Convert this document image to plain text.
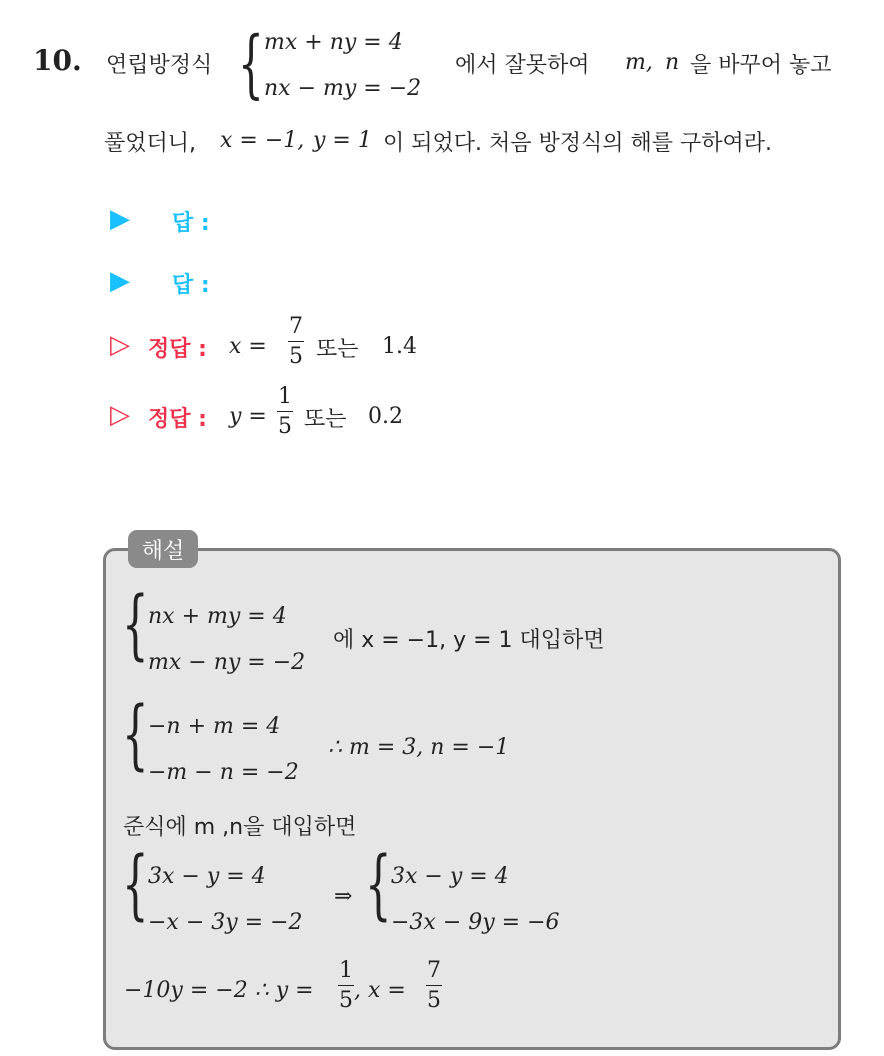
10. 연립방정식 { mx + ny = 4
nx − my = −2
에서 잘못하여 m, n 을 바꾸어 놓고
풀었더니, x = −1, y = 1 이 되었다. 처음 방정식의 해를 구하여라.
▶ 답 :
▶ 답 :
▷ 정답 : x =
7
5 또는 1.4
▷ 정답 : y =
1
5 또는 0.2
해설
{ nx + my = 4
mx − ny = −2
에 x = −1, y = 1 대입하면
{ −n + m = 4
−m − n = −2
∴ m = 3, n = −1
준식에 m ,n을 대입하면
{ 3x − y = 4
−x − 3y = −2
⇒ { 3x − y = 4
−3x − 9y = −6
−10y = −2 ∴ y =
1
5 , x =
7
5
